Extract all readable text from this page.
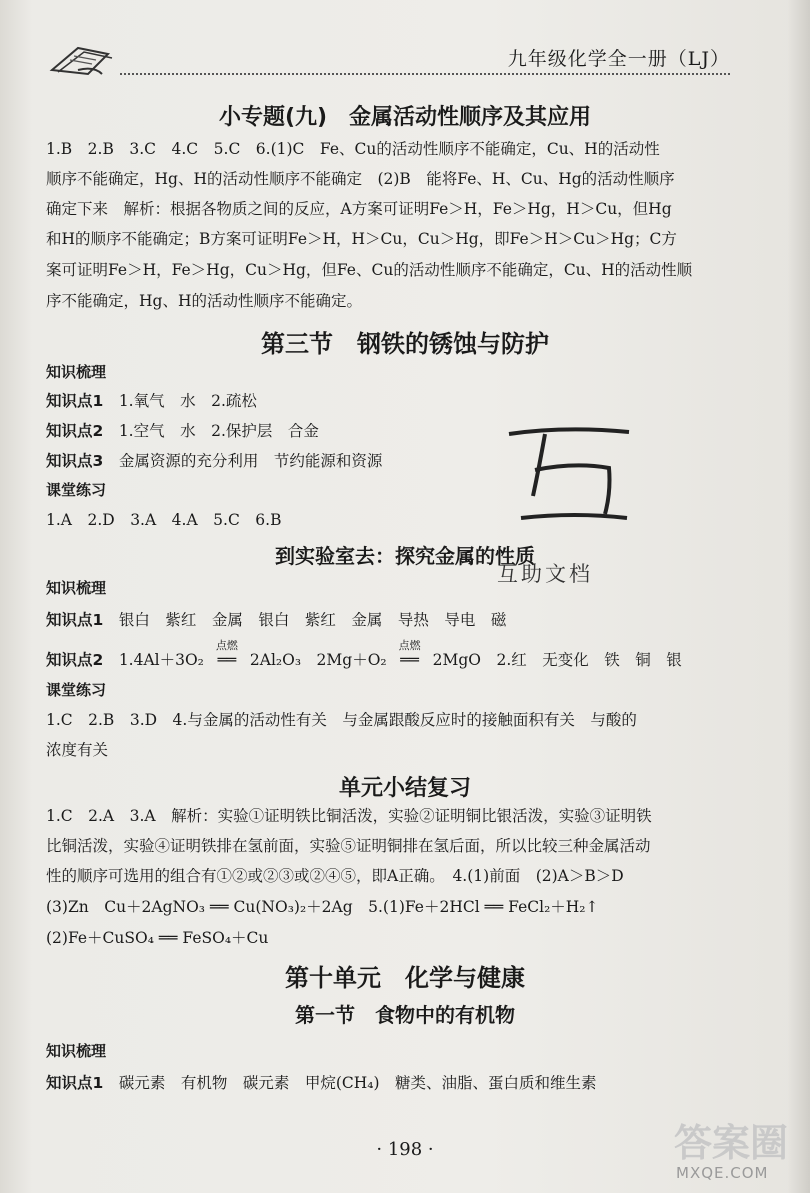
九年级化学全一册（LJ）
小专题(九)　金属活动性顺序及其应用
1.B　2.B　3.C　4.C　5.C　6.(1)C　Fe、Cu的活动性顺序不能确定，Cu、H的活动性
顺序不能确定，Hg、H的活动性顺序不能确定　(2)B　能将Fe、H、Cu、Hg的活动性顺序
确定下来　解析：根据各物质之间的反应，A方案可证明Fe＞H，Fe＞Hg，H＞Cu，但Hg
和H的顺序不能确定；B方案可证明Fe＞H，H＞Cu，Cu＞Hg，即Fe＞H＞Cu＞Hg；C方
案可证明Fe＞H，Fe＞Hg，Cu＞Hg，但Fe、Cu的活动性顺序不能确定，Cu、H的活动性顺
序不能确定，Hg、H的活动性顺序不能确定。
第三节　钢铁的锈蚀与防护
知识梳理
知识点1　 1.氧气　水　2.疏松
知识点2　 1.空气　水　2.保护层　合金
知识点3　 金属资源的充分利用　节约能源和资源
课堂练习
1.A　2.D　3.A　4.A　5.C　6.B
到实验室去：探究金属的性质
知识梳理
知识点1　 银白　紫红　金属　银白　紫红　金属　导热　导电　磁
知识点2　 1.4Al＋3O₂
点燃
══ 2Al₂O₃　2Mg＋O₂
点燃
══ 2MgO　2.红　无变化　铁　铜　银
课堂练习
1.C　2.B　3.D　4.与金属的活动性有关　与金属跟酸反应时的接触面积有关　与酸的
浓度有关
单元小结复习
1.C　2.A　3.A　解析：实验①证明铁比铜活泼，实验②证明铜比银活泼，实验③证明铁
比铜活泼，实验④证明铁排在氢前面，实验⑤证明铜排在氢后面，所以比较三种金属活动
性的顺序可选用的组合有①②或②③或②④⑤，即A正确。　4.(1)前面　(2)A＞B＞D
(3)Zn　Cu＋2AgNO₃ ══ Cu(NO₃)₂＋2Ag　5.(1)Fe＋2HCl ══ FeCl₂＋H₂↑
(2)Fe＋CuSO₄ ══ FeSO₄＋Cu
第十单元　化学与健康
第一节　食物中的有机物
知识梳理
知识点1　 碳元素　有机物　碳元素　甲烷(CH₄)　糖类、油脂、蛋白质和维生素
互助文档
· 198 ·	答案圈
MXQE.COM
